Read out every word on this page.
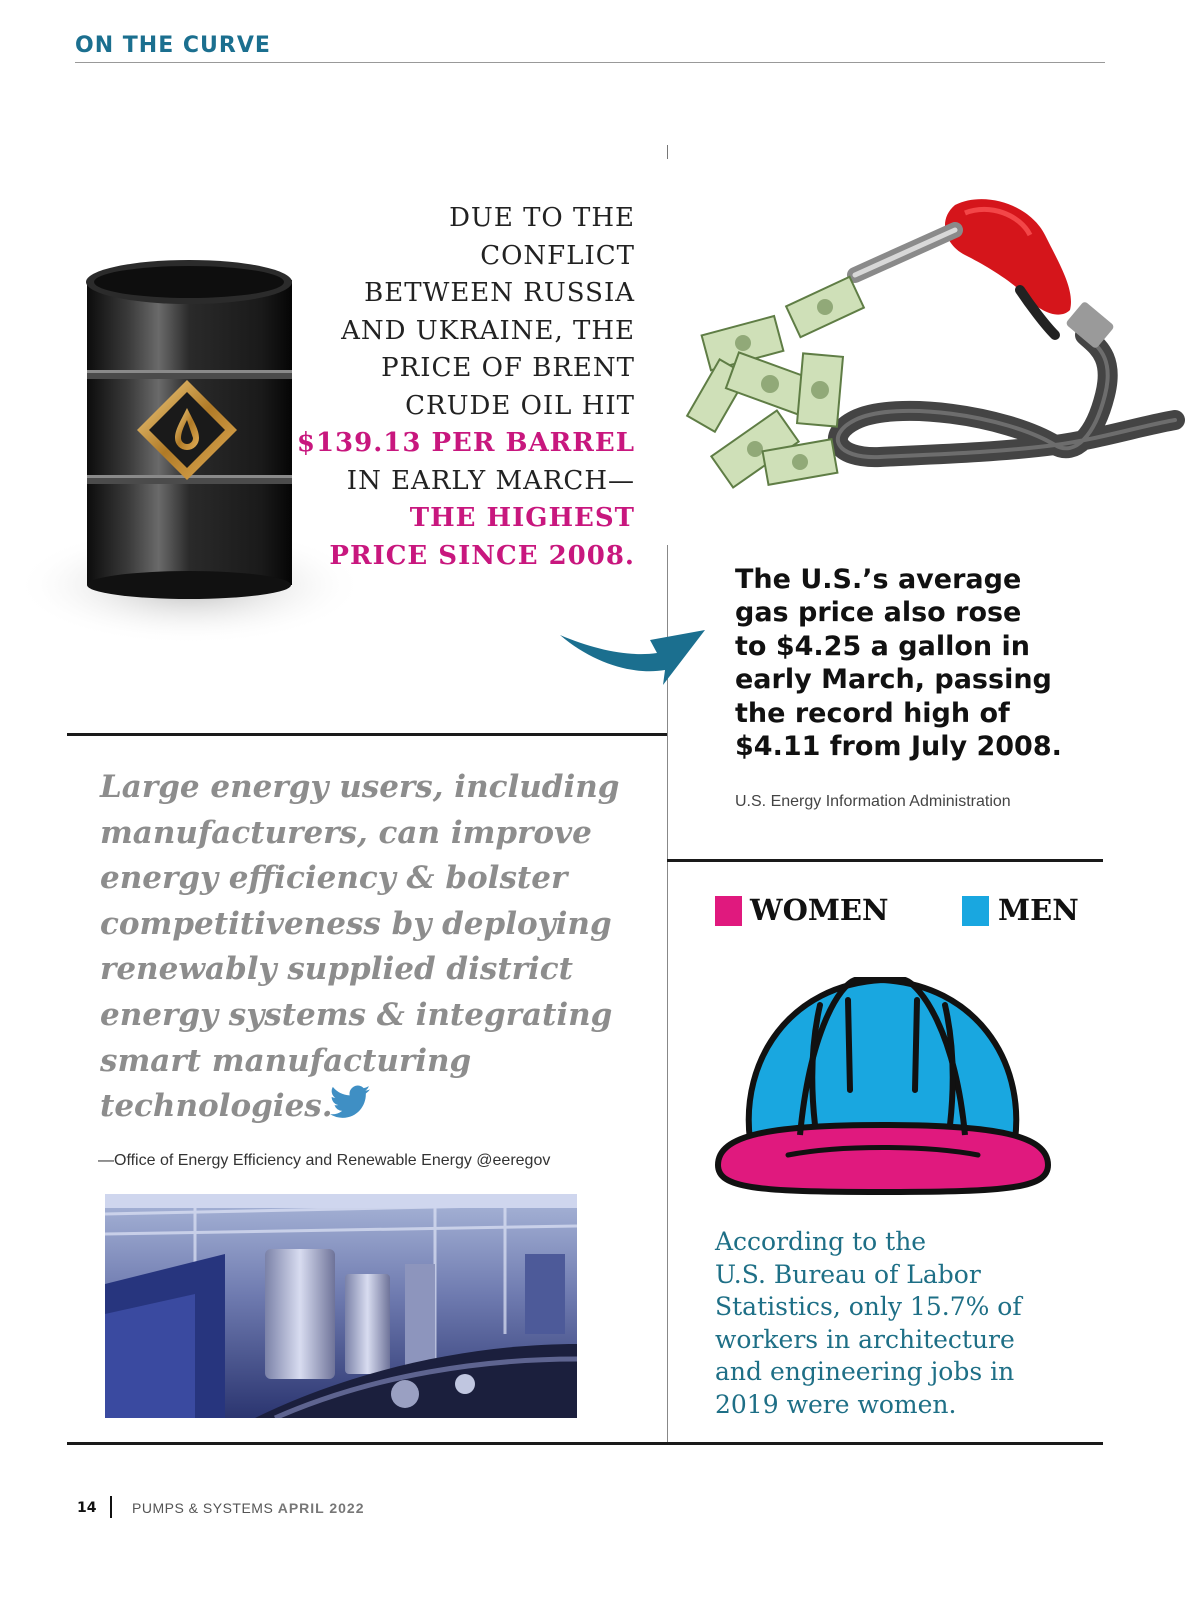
ON THE CURVE
DUE TO THE
CONFLICT
BETWEEN RUSSIA
AND UKRAINE, THE
PRICE OF BRENT
CRUDE OIL HIT
$139.13 PER BARREL
IN EARLY MARCH—
THE HIGHEST
PRICE SINCE 2008.
The U.S.’s average
gas price also rose
to $4.25 a gallon in
early March, passing
the record high of
$4.11 from July 2008.
U.S. Energy Information Administration
Large energy users, including
manufacturers, can improve
energy efficiency & bolster
competitiveness by deploying
renewably supplied district
energy systems & integrating
smart manufacturing
technologies.
—Office of Energy Efficiency and Renewable Energy @eeregov
WOMEN	MEN
According to the
U.S. Bureau of Labor
Statistics, only 15.7% of
workers in architecture
and engineering jobs in
2019 were women.
14	PUMPS & SYSTEMS APRIL 2022
